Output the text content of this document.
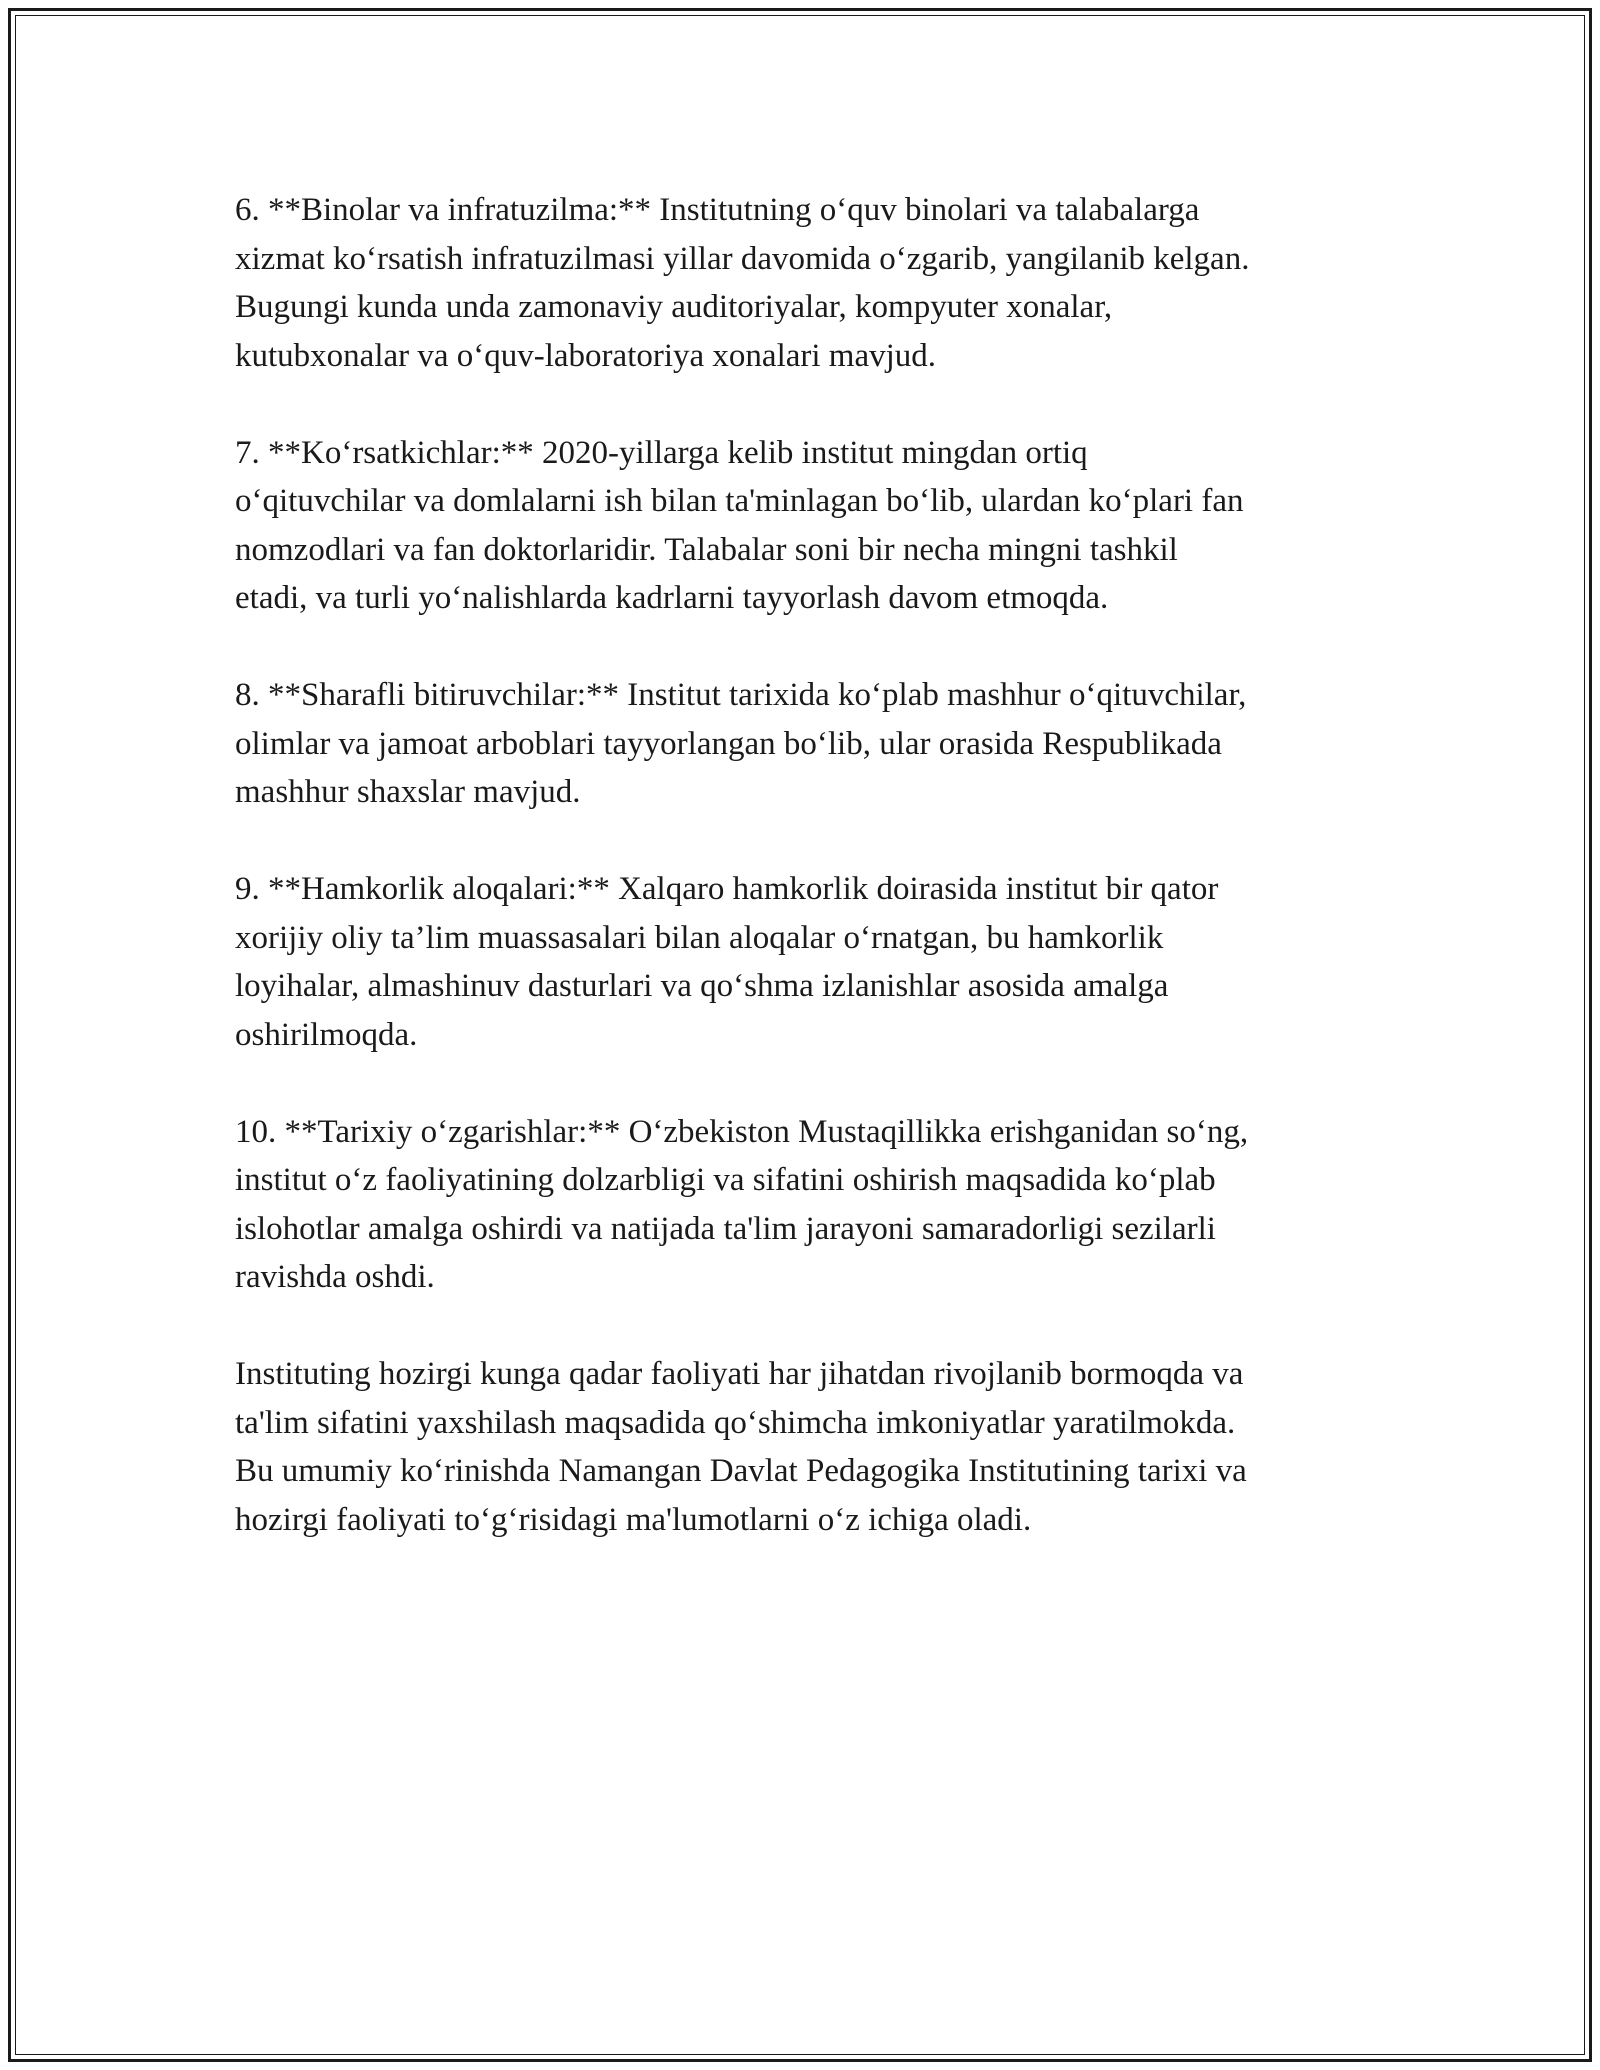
6. **Binolar va infratuzilma:** Institutning o‘quv binolari va talabalarga
xizmat ko‘rsatish infratuzilmasi yillar davomida o‘zgarib, yangilanib kelgan.
Bugungi kunda unda zamonaviy auditoriyalar, kompyuter xonalar,
kutubxonalar va o‘quv-laboratoriya xonalari mavjud.

7. **Ko‘rsatkichlar:** 2020-yillarga kelib institut mingdan ortiq
o‘qituvchilar va domlalarni ish bilan ta'minlagan bo‘lib, ulardan ko‘plari fan
nomzodlari va fan doktorlaridir. Talabalar soni bir necha mingni tashkil
etadi, va turli yo‘nalishlarda kadrlarni tayyorlash davom etmoqda.

8. **Sharafli bitiruvchilar:** Institut tarixida ko‘plab mashhur o‘qituvchilar,
olimlar va jamoat arboblari tayyorlangan bo‘lib, ular orasida Respublikada
mashhur shaxslar mavjud.

9. **Hamkorlik aloqalari:** Xalqaro hamkorlik doirasida institut bir qator
xorijiy oliy ta’lim muassasalari bilan aloqalar o‘rnatgan, bu hamkorlik
loyihalar, almashinuv dasturlari va qo‘shma izlanishlar asosida amalga
oshirilmoqda.

10. **Tarixiy o‘zgarishlar:** O‘zbekiston Mustaqillikka erishganidan so‘ng,
institut o‘z faoliyatining dolzarbligi va sifatini oshirish maqsadida ko‘plab
islohotlar amalga oshirdi va natijada ta'lim jarayoni samaradorligi sezilarli
ravishda oshdi.

Instituting hozirgi kunga qadar faoliyati har jihatdan rivojlanib bormoqda va
ta'lim sifatini yaxshilash maqsadida qo‘shimcha imkoniyatlar yaratilmokda.
Bu umumiy ko‘rinishda Namangan Davlat Pedagogika Institutining tarixi va
hozirgi faoliyati to‘g‘risidagi ma'lumotlarni o‘z ichiga oladi.
